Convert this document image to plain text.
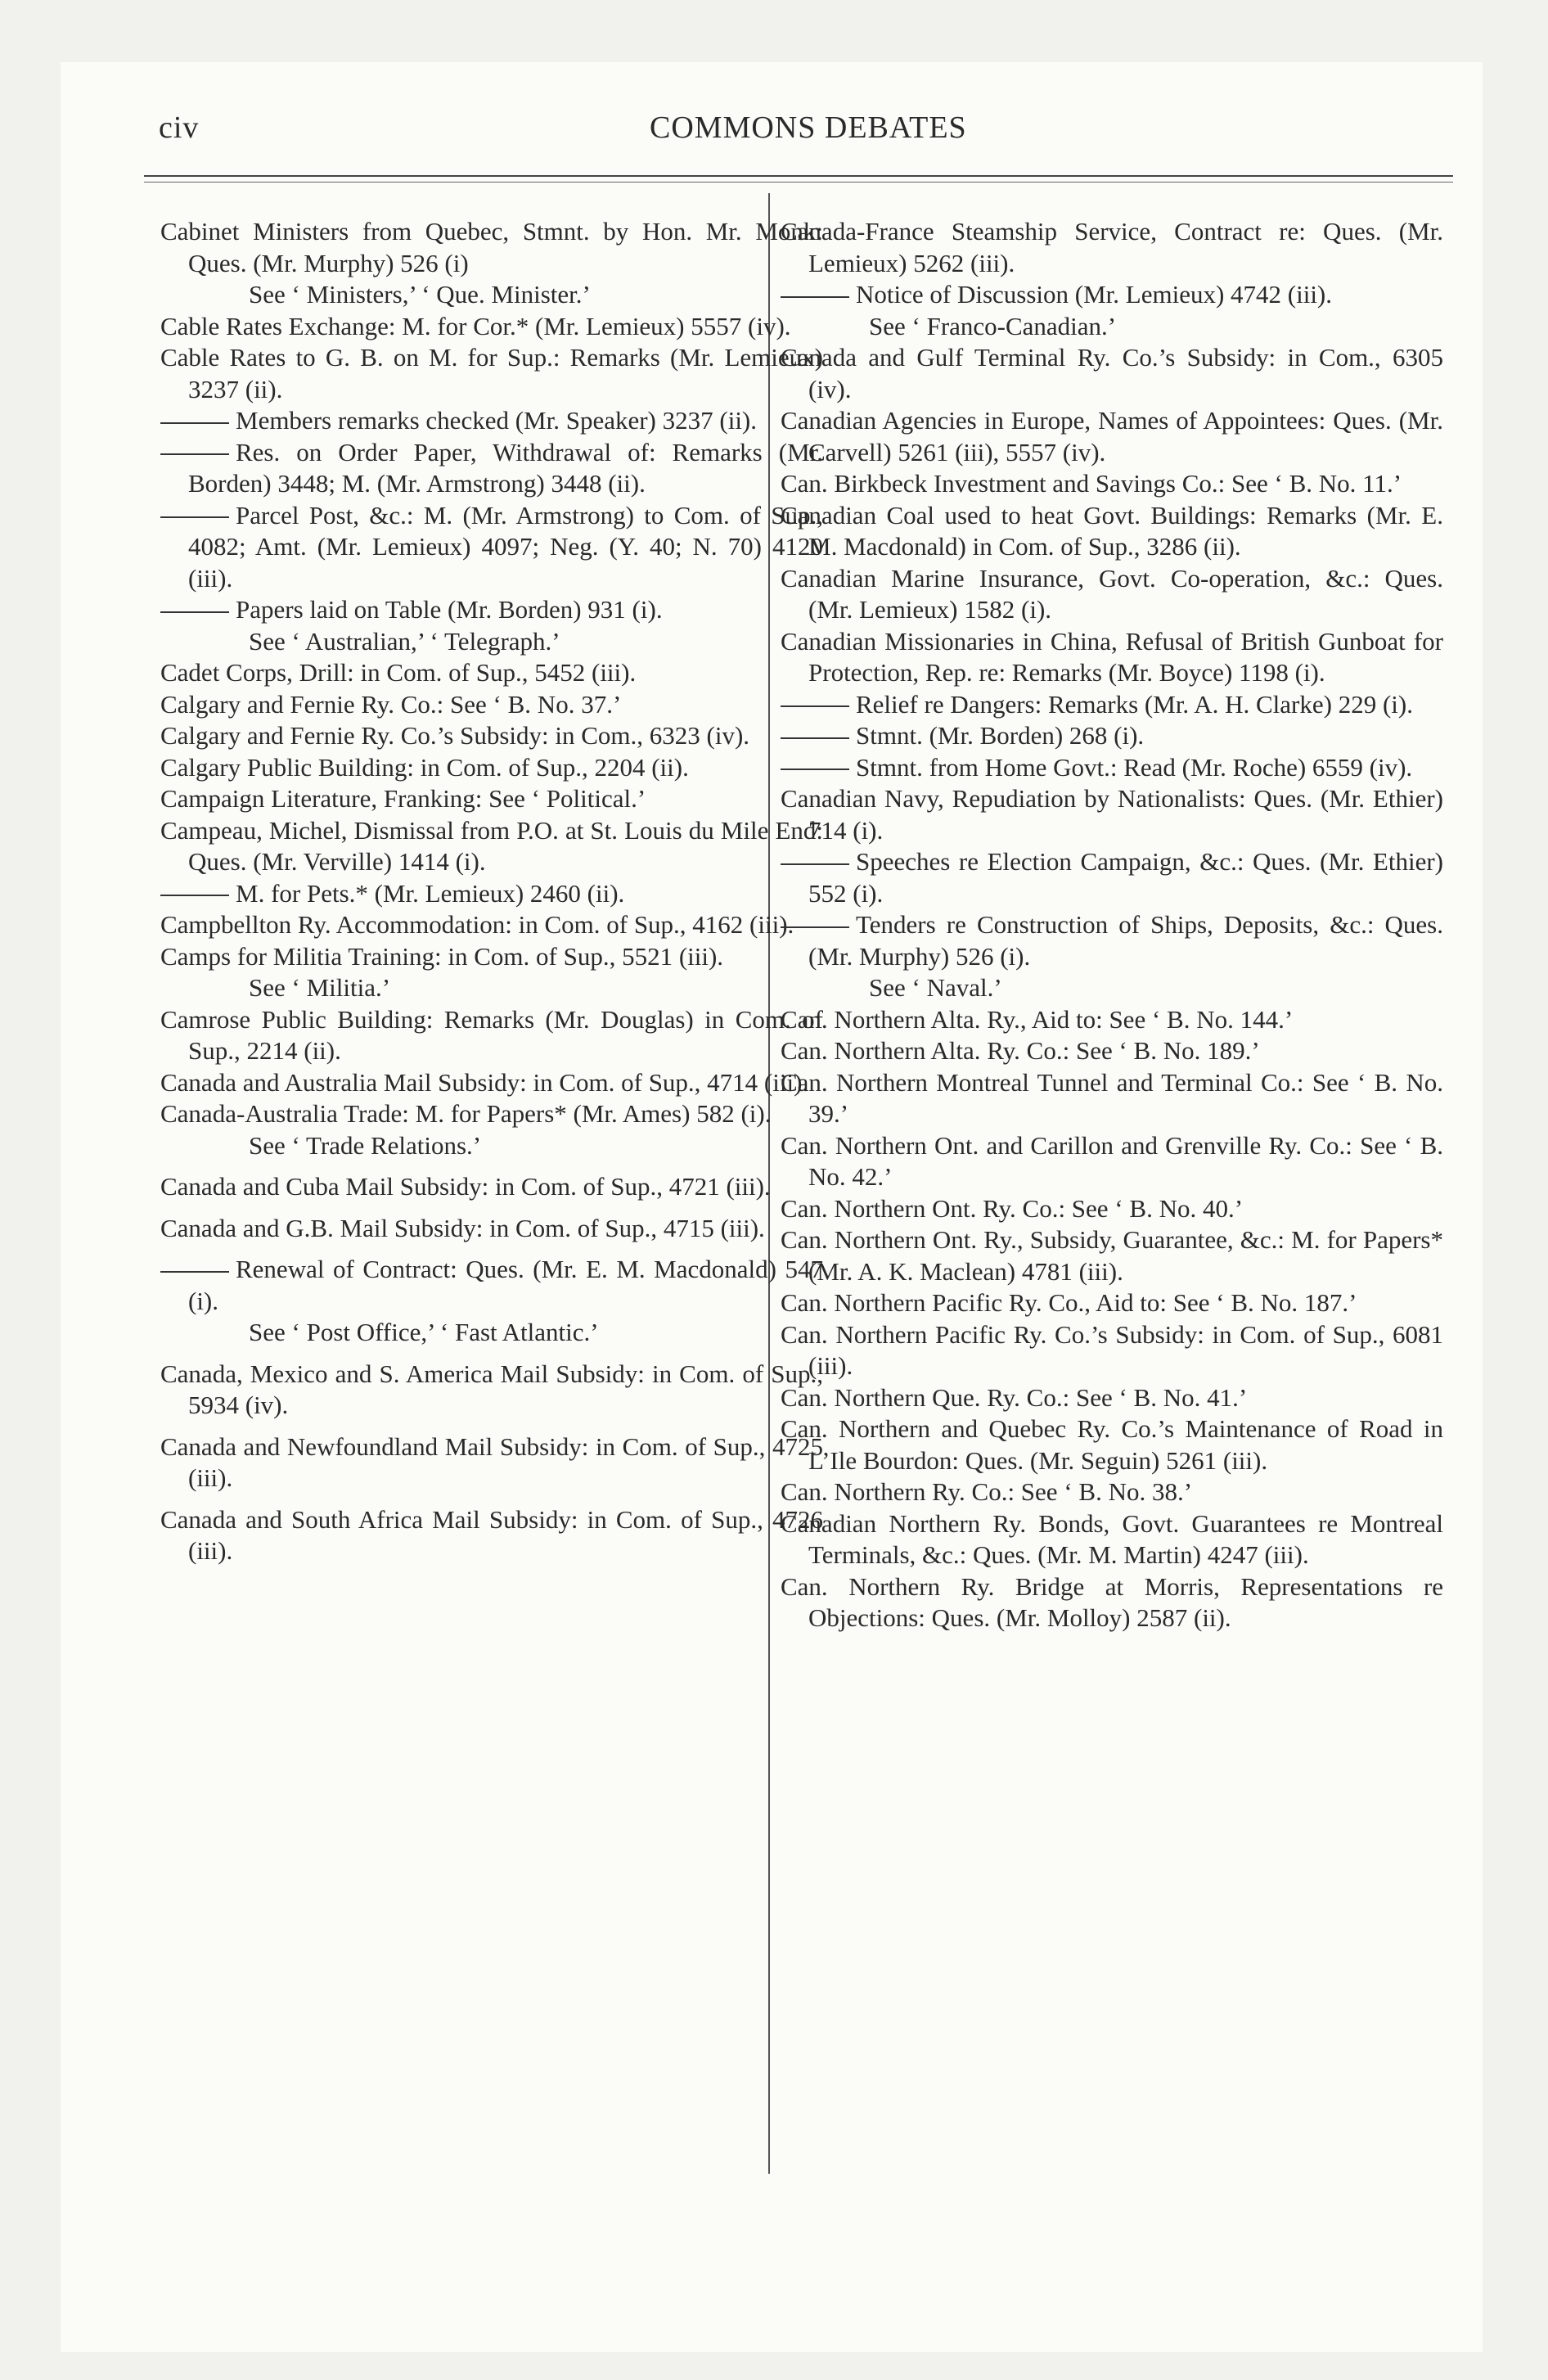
civ	COMMONS DEBATES
Cabinet Ministers from Quebec, Stmnt. by Hon. Mr. Monk: Ques. (Mr. Murphy) 526 (i)
See ‘ Ministers,’ ‘ Que. Minister.’
Cable Rates Exchange: M. for Cor.* (Mr. Lemieux) 5557 (iv).
Cable Rates to G. B. on M. for Sup.: Remarks (Mr. Lemieux) 3237 (ii).
Members remarks checked (Mr. Speaker) 3237 (ii).
Res. on Order Paper, Withdrawal of: Remarks (Mr. Borden) 3448; M. (Mr. Armstrong) 3448 (ii).
Parcel Post, &c.: M. (Mr. Armstrong) to Com. of Sup., 4082; Amt. (Mr. Lemieux) 4097; Neg. (Y. 40; N. 70) 4120 (iii).
Papers laid on Table (Mr. Borden) 931 (i).
See ‘ Australian,’ ‘ Telegraph.’
Cadet Corps, Drill: in Com. of Sup., 5452 (iii).
Calgary and Fernie Ry. Co.: See ‘ B. No. 37.’
Calgary and Fernie Ry. Co.’s Subsidy: in Com., 6323 (iv).
Calgary Public Building: in Com. of Sup., 2204 (ii).
Campaign Literature, Franking: See ‘ Political.’
Campeau, Michel, Dismissal from P.O. at St. Louis du Mile End: Ques. (Mr. Verville) 1414 (i).
M. for Pets.* (Mr. Lemieux) 2460 (ii).
Campbellton Ry. Accommodation: in Com. of Sup., 4162 (iii).
Camps for Militia Training: in Com. of Sup., 5521 (iii).
See ‘ Militia.’
Camrose Public Building: Remarks (Mr. Douglas) in Com. of Sup., 2214 (ii).
Canada and Australia Mail Subsidy: in Com. of Sup., 4714 (iii).
Canada-Australia Trade: M. for Papers* (Mr. Ames) 582 (i).
See ‘ Trade Relations.’
Canada and Cuba Mail Subsidy: in Com. of Sup., 4721 (iii).
Canada and G.B. Mail Subsidy: in Com. of Sup., 4715 (iii).
Renewal of Contract: Ques. (Mr. E. M. Macdonald) 547 (i).
See ‘ Post Office,’ ‘ Fast Atlantic.’
Canada, Mexico and S. America Mail Subsidy: in Com. of Sup., 5934 (iv).
Canada and Newfoundland Mail Subsidy: in Com. of Sup., 4725 (iii).
Canada and South Africa Mail Subsidy: in Com. of Sup., 4726 (iii).
Canada-France Steamship Service, Contract re: Ques. (Mr. Lemieux) 5262 (iii).
Notice of Discussion (Mr. Lemieux) 4742 (iii).
See ‘ Franco-Canadian.’
Canada and Gulf Terminal Ry. Co.’s Subsidy: in Com., 6305 (iv).
Canadian Agencies in Europe, Names of Appointees: Ques. (Mr. Carvell) 5261 (iii), 5557 (iv).
Can. Birkbeck Investment and Savings Co.: See ‘ B. No. 11.’
Canadian Coal used to heat Govt. Buildings: Remarks (Mr. E. M. Macdonald) in Com. of Sup., 3286 (ii).
Canadian Marine Insurance, Govt. Co-operation, &c.: Ques. (Mr. Lemieux) 1582 (i).
Canadian Missionaries in China, Refusal of British Gunboat for Protection, Rep. re: Remarks (Mr. Boyce) 1198 (i).
Relief re Dangers: Remarks (Mr. A. H. Clarke) 229 (i).
Stmnt. (Mr. Borden) 268 (i).
Stmnt. from Home Govt.: Read (Mr. Roche) 6559 (iv).
Canadian Navy, Repudiation by Nationalists: Ques. (Mr. Ethier) 714 (i).
Speeches re Election Campaign, &c.: Ques. (Mr. Ethier) 552 (i).
Tenders re Construction of Ships, Deposits, &c.: Ques. (Mr. Murphy) 526 (i).
See ‘ Naval.’
Can. Northern Alta. Ry., Aid to: See ‘ B. No. 144.’
Can. Northern Alta. Ry. Co.: See ‘ B. No. 189.’
Can. Northern Montreal Tunnel and Terminal Co.: See ‘ B. No. 39.’
Can. Northern Ont. and Carillon and Grenville Ry. Co.: See ‘ B. No. 42.’
Can. Northern Ont. Ry. Co.: See ‘ B. No. 40.’
Can. Northern Ont. Ry., Subsidy, Guarantee, &c.: M. for Papers* (Mr. A. K. Maclean) 4781 (iii).
Can. Northern Pacific Ry. Co., Aid to: See ‘ B. No. 187.’
Can. Northern Pacific Ry. Co.’s Subsidy: in Com. of Sup., 6081 (iii).
Can. Northern Que. Ry. Co.: See ‘ B. No. 41.’
Can. Northern and Quebec Ry. Co.’s Maintenance of Road in L’Ile Bourdon: Ques. (Mr. Seguin) 5261 (iii).
Can. Northern Ry. Co.: See ‘ B. No. 38.’
Canadian Northern Ry. Bonds, Govt. Guarantees re Montreal Terminals, &c.: Ques. (Mr. M. Martin) 4247 (iii).
Can. Northern Ry. Bridge at Morris, Representations re Objections: Ques. (Mr. Molloy) 2587 (ii).
